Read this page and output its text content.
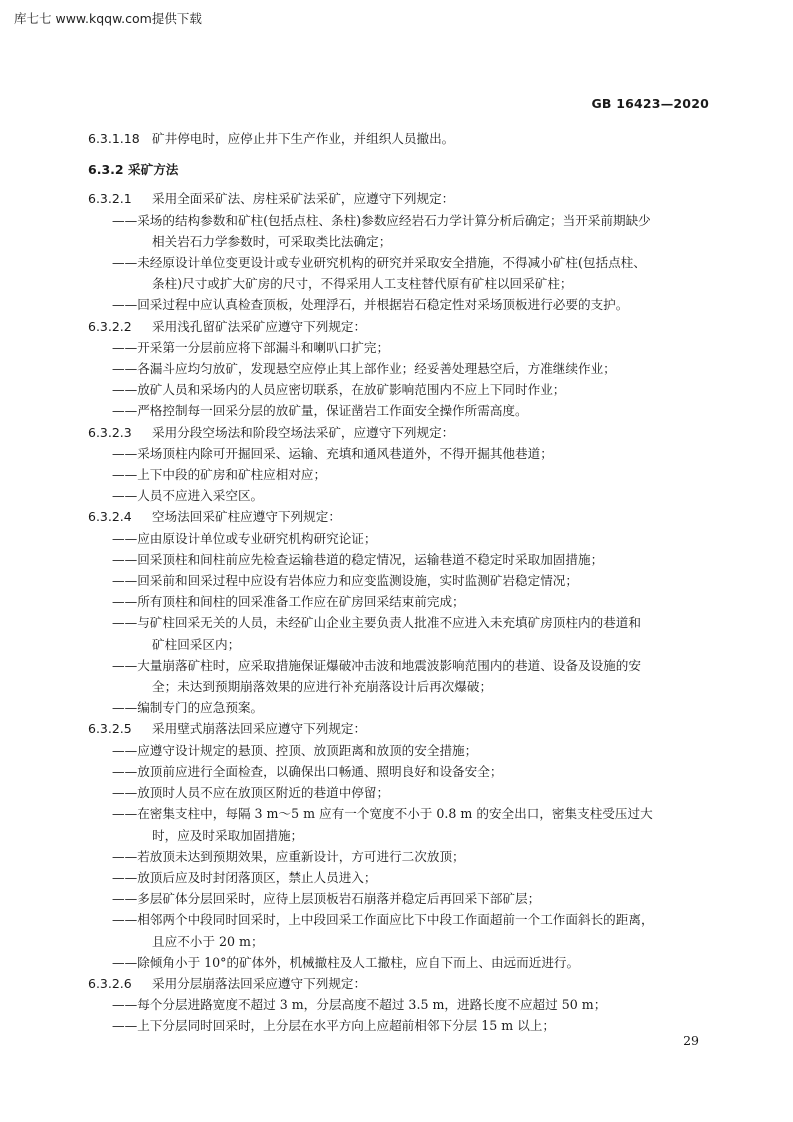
库七七 www.kqqw.com提供下载
GB 16423—2020
6.3.1.18 矿井停电时，应停止井下生产作业，并组织人员撤出。
6.3.2 采矿方法
6.3.2.1 采用全面采矿法、房柱采矿法采矿，应遵守下列规定：
——采场的结构参数和矿柱(包括点柱、条柱)参数应经岩石力学计算分析后确定；当开采前期缺少
相关岩石力学参数时，可采取类比法确定；
——未经原设计单位变更设计或专业研究机构的研究并采取安全措施，不得减小矿柱(包括点柱、
条柱)尺寸或扩大矿房的尺寸，不得采用人工支柱替代原有矿柱以回采矿柱；
——回采过程中应认真检查顶板，处理浮石，并根据岩石稳定性对采场顶板进行必要的支护。
6.3.2.2 采用浅孔留矿法采矿应遵守下列规定：
——开采第一分层前应将下部漏斗和喇叭口扩完；
——各漏斗应均匀放矿，发现悬空应停止其上部作业；经妥善处理悬空后，方准继续作业；
——放矿人员和采场内的人员应密切联系，在放矿影响范围内不应上下同时作业；
——严格控制每一回采分层的放矿量，保证凿岩工作面安全操作所需高度。
6.3.2.3 采用分段空场法和阶段空场法采矿，应遵守下列规定：
——采场顶柱内除可开掘回采、运输、充填和通风巷道外，不得开掘其他巷道；
——上下中段的矿房和矿柱应相对应；
——人员不应进入采空区。
6.3.2.4 空场法回采矿柱应遵守下列规定：
——应由原设计单位或专业研究机构研究论证；
——回采顶柱和间柱前应先检查运输巷道的稳定情况，运输巷道不稳定时采取加固措施；
——回采前和回采过程中应设有岩体应力和应变监测设施，实时监测矿岩稳定情况；
——所有顶柱和间柱的回采准备工作应在矿房回采结束前完成；
——与矿柱回采无关的人员，未经矿山企业主要负责人批准不应进入未充填矿房顶柱内的巷道和
矿柱回采区内；
——大量崩落矿柱时，应采取措施保证爆破冲击波和地震波影响范围内的巷道、设备及设施的安
全；未达到预期崩落效果的应进行补充崩落设计后再次爆破；
——编制专门的应急预案。
6.3.2.5 采用壁式崩落法回采应遵守下列规定：
——应遵守设计规定的悬顶、控顶、放顶距离和放顶的安全措施；
——放顶前应进行全面检查，以确保出口畅通、照明良好和设备安全；
——放顶时人员不应在放顶区附近的巷道中停留；
——在密集支柱中，每隔 3 m～5 m 应有一个宽度不小于 0.8 m 的安全出口，密集支柱受压过大
时，应及时采取加固措施；
——若放顶未达到预期效果，应重新设计，方可进行二次放顶；
——放顶后应及时封闭落顶区，禁止人员进入；
——多层矿体分层回采时，应待上层顶板岩石崩落并稳定后再回采下部矿层；
——相邻两个中段同时回采时，上中段回采工作面应比下中段工作面超前一个工作面斜长的距离，
且应不小于 20 m；
——除倾角小于 10°的矿体外，机械撤柱及人工撤柱，应自下而上、由远而近进行。
6.3.2.6 采用分层崩落法回采应遵守下列规定：
——每个分层进路宽度不超过 3 m，分层高度不超过 3.5 m，进路长度不应超过 50 m；
——上下分层同时回采时，上分层在水平方向上应超前相邻下分层 15 m 以上；
29
